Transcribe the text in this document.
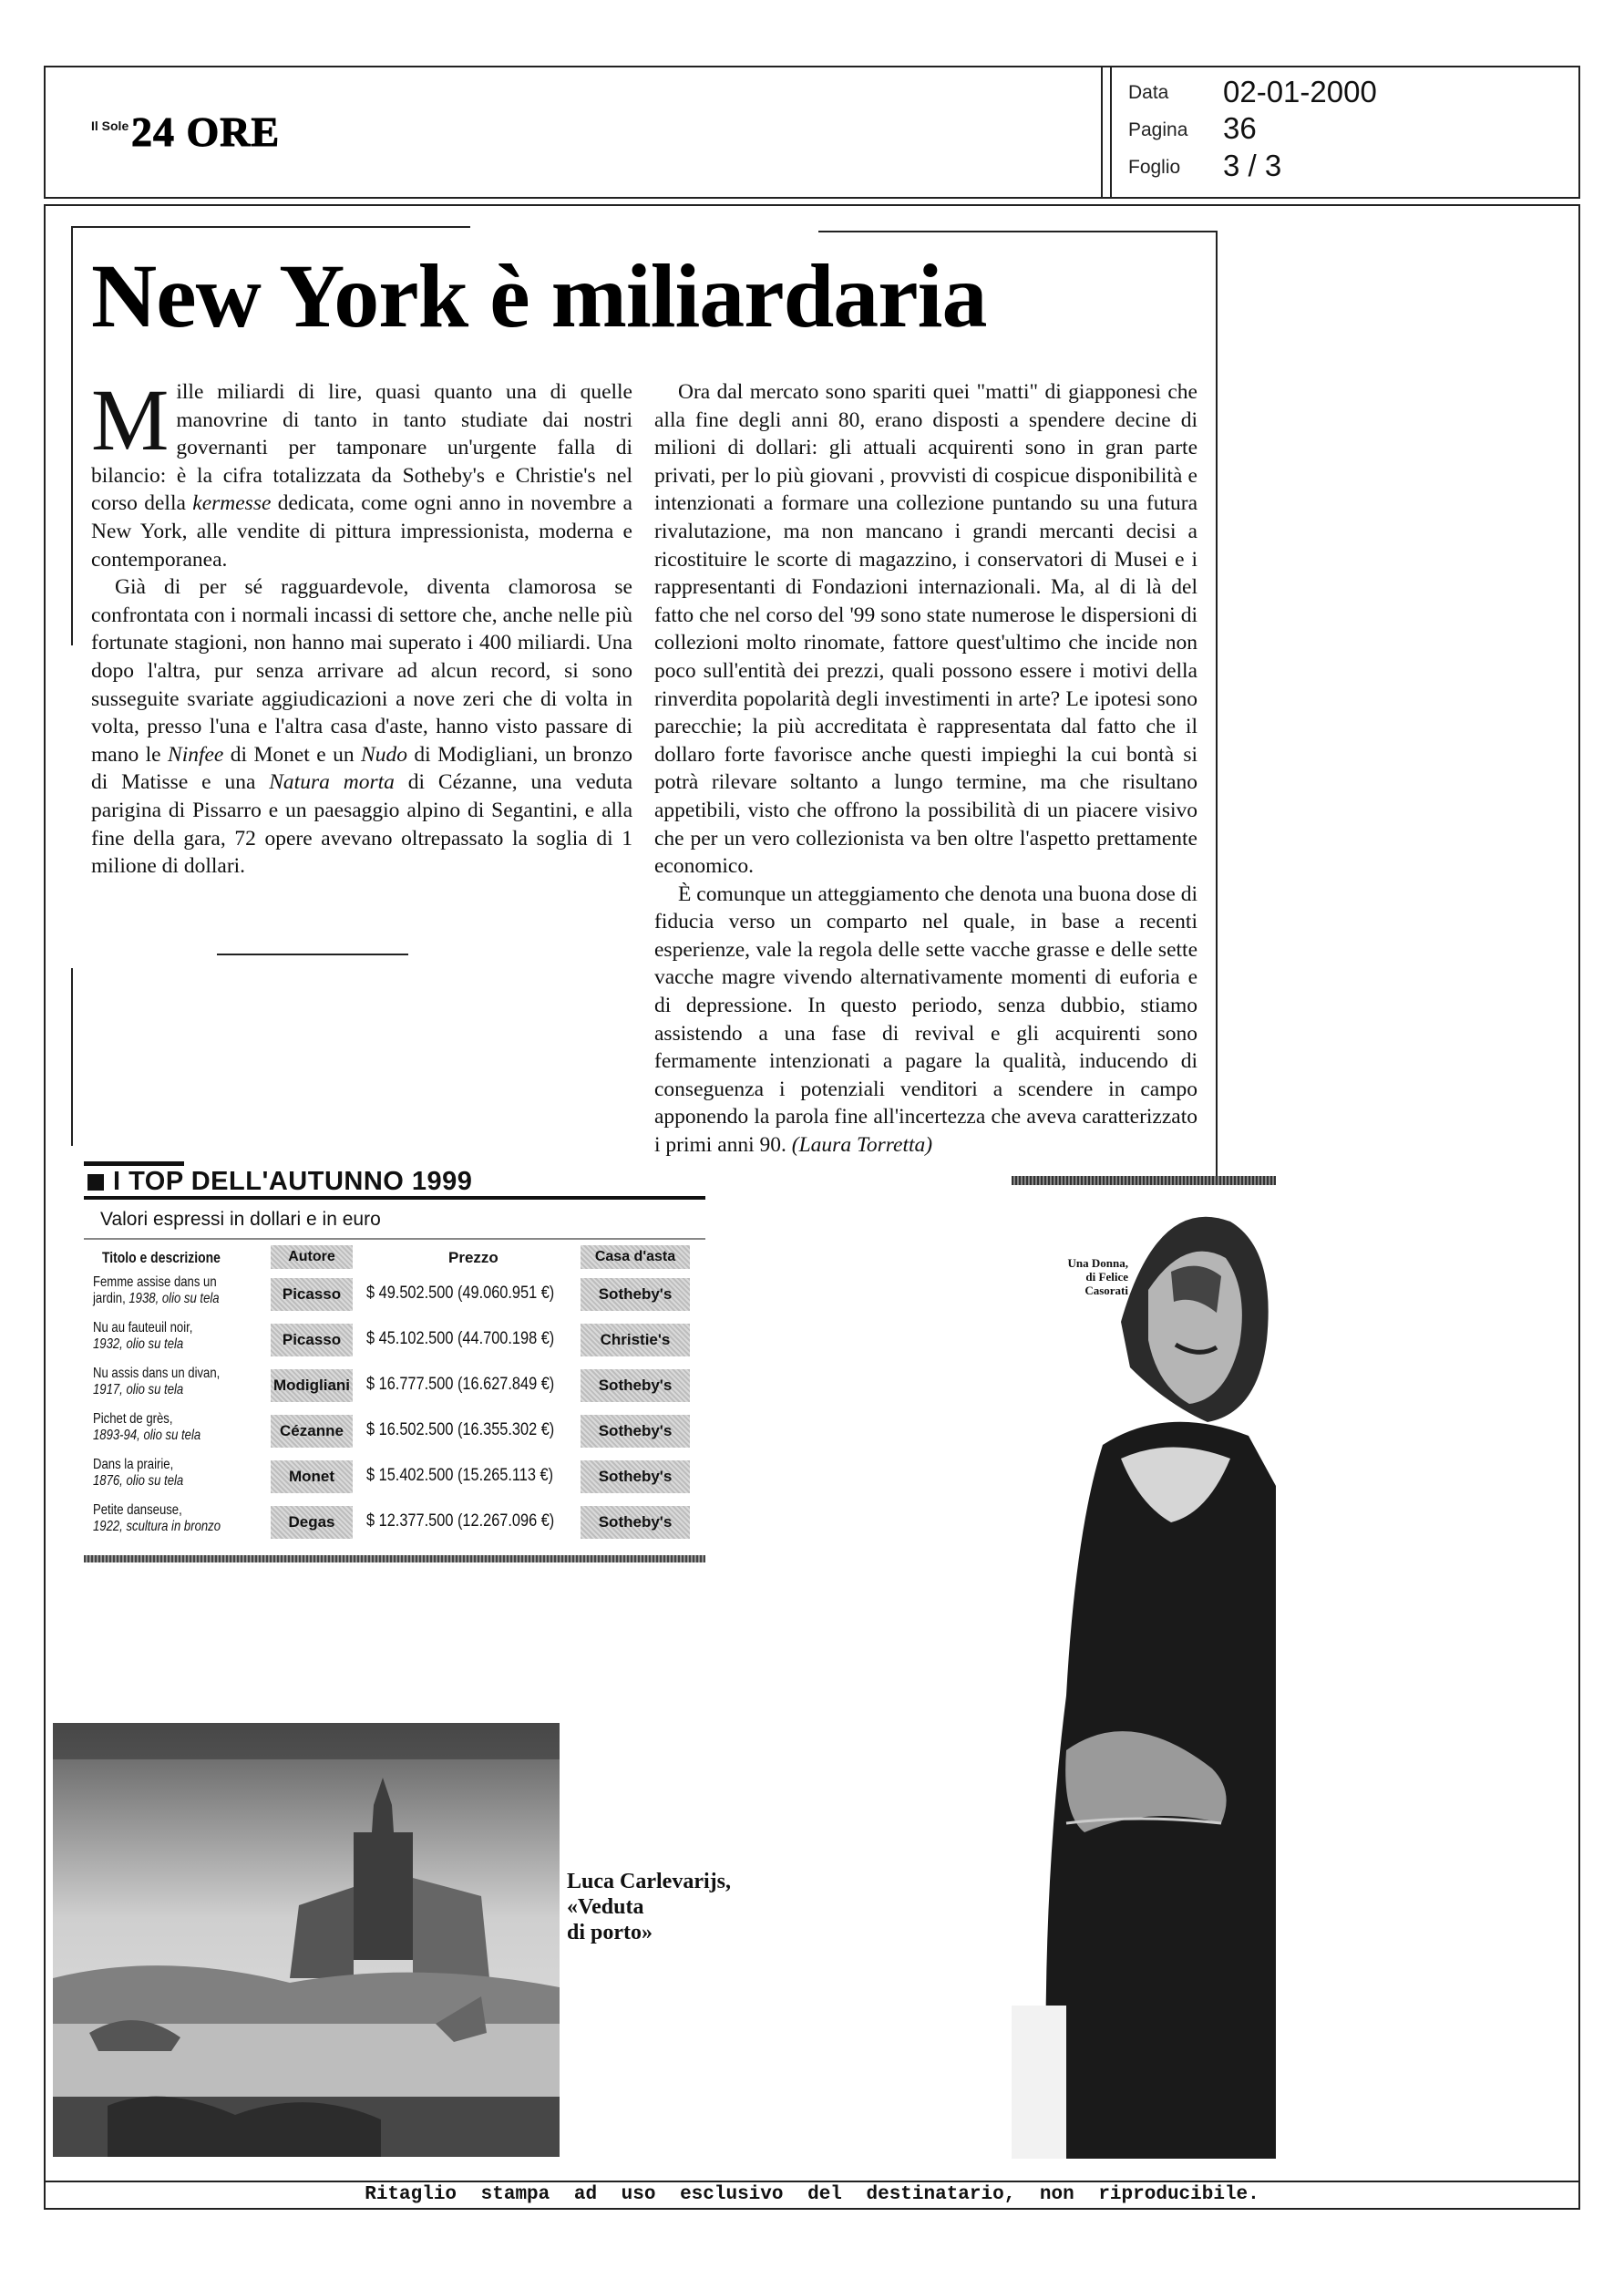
Il Sole 24 ORE
Data 02-01-2000
Pagina 36
Foglio 3 / 3
New York è miliardaria

M ille miliardi di lire, quasi quanto una di quelle manovrine di tanto in tanto studiate dai nostri governanti per tamponare un'urgente falla di bilancio: è la cifra totalizzata da Sotheby's e Christie's nel corso della kermesse dedicata, come ogni anno in novembre a New York, alle vendite di pittura impressionista, moderna e contemporanea.

Già di per sé ragguardevole, diventa clamorosa se confrontata con i normali incassi di settore che, anche nelle più fortunate stagioni, non hanno mai superato i 400 miliardi. Una dopo l'altra, pur senza arrivare ad alcun record, si sono susseguite svariate aggiudicazioni a nove zeri che di volta in volta, presso l'una e l'altra casa d'aste, hanno visto passare di mano le Ninfee di Monet e un Nudo di Modigliani, un bronzo di Matisse e una Natura morta di Cézanne, una veduta parigina di Pissarro e un paesaggio alpino di Segantini, e alla fine della gara, 72 opere avevano oltrepassato la soglia di 1 milione di dollari.

Ora dal mercato sono spariti quei "matti" di giapponesi che alla fine degli anni 80, erano disposti a spendere decine di milioni di dollari: gli attuali acquirenti sono in gran parte privati, per lo più giovani , provvisti di cospicue disponibilità e intenzionati a formare una collezione puntando su una futura rivalutazione, ma non mancano i grandi mercanti decisi a ricostituire le scorte di magazzino, i conservatori di Musei e i rappresentanti di Fondazioni internazionali. Ma, al di là del fatto che nel corso del '99 sono state numerose le dispersioni di collezioni molto rinomate, fattore quest'ultimo che incide non poco sull'entità dei prezzi, quali possono essere i motivi della rinverdita popolarità degli investimenti in arte? Le ipotesi sono parecchie; la più accreditata è rappresentata dal fatto che il dollaro forte favorisce anche questi impieghi la cui bontà si potrà rilevare soltanto a lungo termine, ma che risultano appetibili, visto che offrono la possibilità di un piacere visivo che per un vero collezionista va ben oltre l'aspetto prettamente economico.

È comunque un atteggiamento che denota una buona dose di fiducia verso un comparto nel quale, in base a recenti esperienze, vale la regola delle sette vacche grasse e delle sette vacche magre vivendo alternativamente momenti di euforia e di depressione. In questo periodo, senza dubbio, stiamo assistendo a una fase di revival e gli acquirenti sono fermamente intenzionati a pagare la qualità, inducendo di conseguenza i potenziali venditori a scendere in campo apponendo la parola fine all'incertezza che aveva caratterizzato i primi anni 90. (Laura Torretta)

I TOP DELL'AUTUNNO 1999
Valori espressi in dollari e in euro
Titolo e descrizione	Autore	Prezzo	Casa d'asta
Femme assise dans un
jardin, 1938, olio su tela	Picasso	$ 49.502.500 (49.060.951 €)	Sotheby's
Nu au fauteuil noir,
1932, olio su tela	Picasso	$ 45.102.500 (44.700.198 €)	Christie's
Nu assis dans un divan,
1917, olio su tela	Modigliani $ 16.777.500 (16.627.849 €)	Sotheby's
Pichet de grès,
1893-94, olio su tela	Cézanne	$ 16.502.500 (16.355.302 €)	Sotheby's
Dans la prairie,
1876, olio su tela	Monet	$ 15.402.500 (15.265.113 €)	Sotheby's
Petite danseuse,
1922, scultura in bronzo	Degas	$ 12.377.500 (12.267.096 €)	Sotheby's
Una Donna,
di Felice
Casorati
Luca Carlevarijs,
«Veduta
di porto»
Ritaglio stampa ad uso esclusivo del destinatario, non riproducibile.
